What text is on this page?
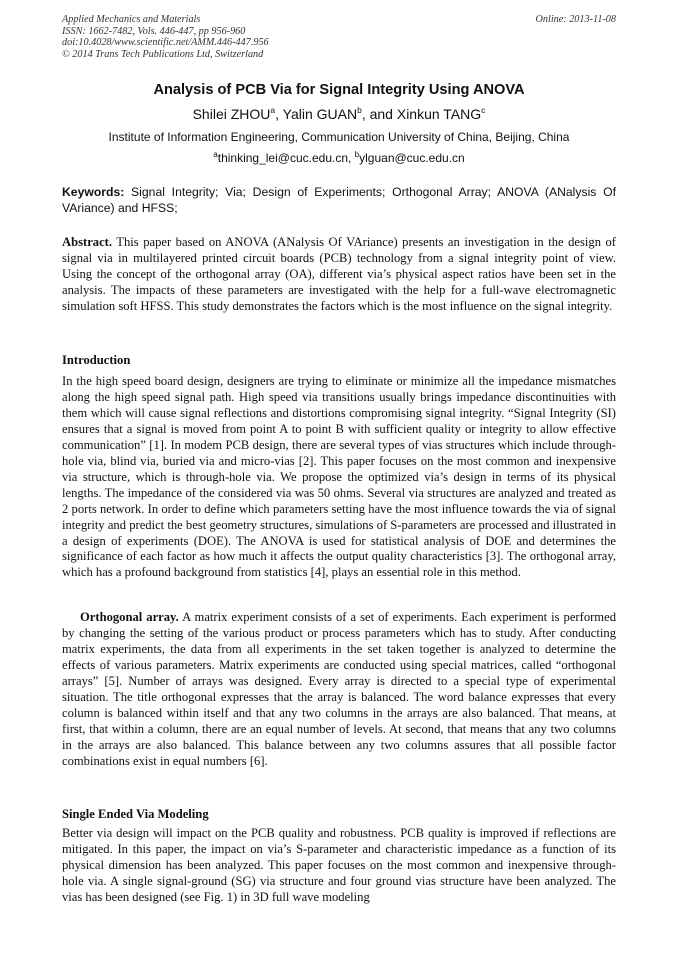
Applied Mechanics and Materials
ISSN: 1662-7482, Vols. 446-447, pp 956-960
doi:10.4028/www.scientific.net/AMM.446-447.956
© 2014 Trans Tech Publications Ltd, Switzerland
Online: 2013-11-08
Analysis of PCB Via for Signal Integrity Using ANOVA
Shilei ZHOU$^a$, Yalin GUAN$^b$, and Xinkun TANG$^c$
Institute of Information Engineering, Communication University of China, Beijing, China
$^a$thinking_lei@cuc.edu.cn, $^b$ylguan@cuc.edu.cn
Keywords: Signal Integrity; Via; Design of Experiments; Orthogonal Array; ANOVA (ANalysis Of VAriance) and HFSS;
Abstract. This paper based on ANOVA (ANalysis Of VAriance) presents an investigation in the design of signal via in multilayered printed circuit boards (PCB) technology from a signal integrity point of view. Using the concept of the orthogonal array (OA), different via’s physical aspect ratios have been set in the analysis. The impacts of these parameters are investigated with the help for a full-wave electromagnetic simulation soft HFSS. This study demonstrates the factors which is the most influence on the signal integrity.
Introduction
In the high speed board design, designers are trying to eliminate or minimize all the impedance mismatches along the high speed signal path. High speed via transitions usually brings impedance discontinuities with them which will cause signal reflections and distortions compromising signal integrity. “Signal Integrity (SI) ensures that a signal is moved from point A to point B with sufficient quality or integrity to allow effective communication” [1]. In modem PCB design, there are several types of vias structures which include through-hole via, blind via, buried via and micro-vias [2]. This paper focuses on the most common and inexpensive via structure, which is through-hole via. We propose the optimized via’s design in terms of its physical lengths. The impedance of the considered via was 50 ohms. Several via structures are analyzed and treated as 2 ports network. In order to define which parameters setting have the most influence towards the via of signal integrity and predict the best geometry structures, simulations of S-parameters are processed and illustrated in a design of experiments (DOE). The ANOVA is used for statistical analysis of DOE and determines the significance of each factor as how much it affects the output quality characteristics [3]. The orthogonal array, which has a profound background from statistics [4], plays an essential role in this method.
Orthogonal array. A matrix experiment consists of a set of experiments. Each experiment is performed by changing the setting of the various product or process parameters which has to study. After conducting matrix experiments, the data from all experiments in the set taken together is analyzed to determine the effects of various parameters. Matrix experiments are conducted using special matrices, called “orthogonal arrays” [5]. Number of arrays was designed. Every array is directed to a special type of experimental situation. The title orthogonal expresses that the array is balanced. The word balance expresses that every column is balanced within itself and that any two columns in the arrays are also balanced. That means, at first, that within a column, there are an equal number of levels. At second, that means that any two columns in the arrays are also balanced. This balance between any two columns assures that all possible factor combinations exist in equal numbers [6].
Single Ended Via Modeling
Better via design will impact on the PCB quality and robustness. PCB quality is improved if reflections are mitigated. In this paper, the impact on via’s S-parameter and characteristic impedance as a function of its physical dimension has been analyzed. This paper focuses on the most common and inexpensive through-hole via. A single signal-ground (SG) via structure and four ground vias structure have been analyzed. The vias has been designed (see Fig. 1) in 3D full wave modeling
